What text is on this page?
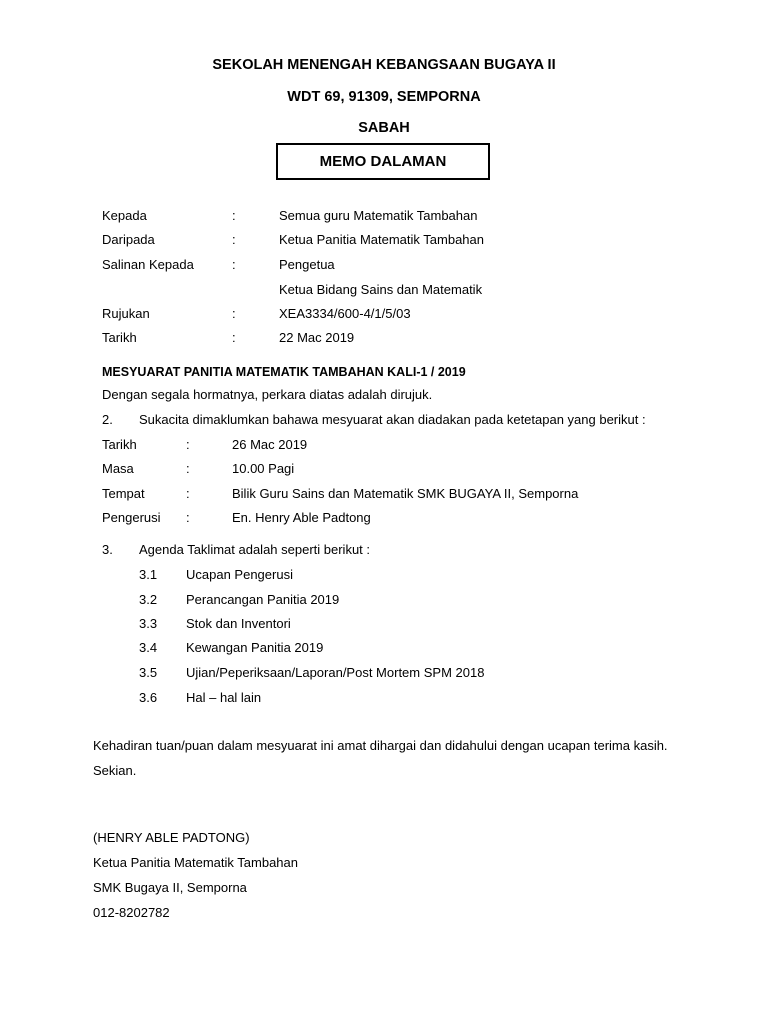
SEKOLAH MENENGAH KEBANGSAAN BUGAYA II
WDT 69, 91309, SEMPORNA
SABAH
MEMO DALAMAN
Kepada	:	Semua guru Matematik Tambahan
Daripada	:	Ketua Panitia Matematik Tambahan
Salinan Kepada	:	Pengetua
Ketua Bidang Sains dan Matematik
Rujukan	:	XEA3334/600-4/1/5/03
Tarikh	:	22 Mac 2019
MESYUARAT PANITIA MATEMATIK TAMBAHAN KALI-1 / 2019
Dengan segala hormatnya, perkara diatas adalah dirujuk.
2. Sukacita dimaklumkan bahawa mesyuarat akan diadakan pada ketetapan yang berikut :
Tarikh	:	26 Mac 2019
Masa	:	10.00 Pagi
Tempat	:	Bilik Guru Sains dan Matematik SMK BUGAYA II, Semporna
Pengerusi :	En. Henry Able Padtong
3. Agenda Taklimat adalah seperti berikut :
3.1 Ucapan Pengerusi
3.2 Perancangan Panitia 2019
3.3 Stok dan Inventori
3.4 Kewangan Panitia 2019
3.5 Ujian/Peperiksaan/Laporan/Post Mortem SPM 2018
3.6 Hal – hal lain
Kehadiran tuan/puan dalam mesyuarat ini amat dihargai dan didahului dengan ucapan terima kasih.
Sekian.
(HENRY ABLE PADTONG)
Ketua Panitia Matematik Tambahan
SMK Bugaya II, Semporna
012-8202782
